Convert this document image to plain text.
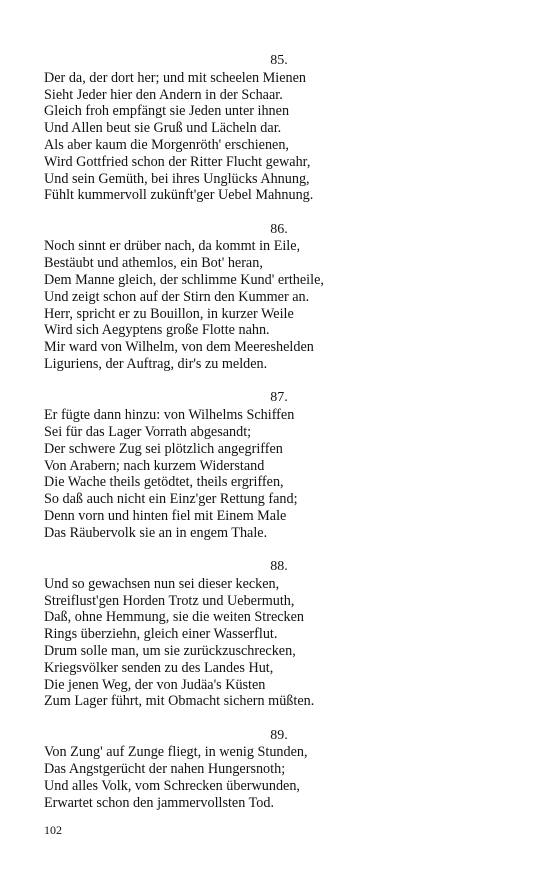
85.
Der da, der dort her; und mit scheelen Mienen
Sieht Jeder hier den Andern in der Schaar.
Gleich froh empfängt sie Jeden unter ihnen
Und Allen beut sie Gruß und Lächeln dar.
Als aber kaum die Morgenröth' erschienen,
Wird Gottfried schon der Ritter Flucht gewahr,
Und sein Gemüth, bei ihres Unglücks Ahnung,
Fühlt kummervoll zukünft'ger Uebel Mahnung.
86.
Noch sinnt er drüber nach, da kommt in Eile,
Bestäubt und athemlos, ein Bot' heran,
Dem Manne gleich, der schlimme Kund' ertheile,
Und zeigt schon auf der Stirn den Kummer an.
Herr, spricht er zu Bouillon, in kurzer Weile
Wird sich Aegyptens große Flotte nahn.
Mir ward von Wilhelm, von dem Meereshelden
Liguriens, der Auftrag, dir's zu melden.
87.
Er fügte dann hinzu: von Wilhelms Schiffen
Sei für das Lager Vorrath abgesandt;
Der schwere Zug sei plötzlich angegriffen
Von Arabern; nach kurzem Widerstand
Die Wache theils getödtet, theils ergriffen,
So daß auch nicht ein Einz'ger Rettung fand;
Denn vorn und hinten fiel mit Einem Male
Das Räubervolk sie an in engem Thale.
88.
Und so gewachsen nun sei dieser kecken,
Streiflust'gen Horden Trotz und Uebermuth,
Daß, ohne Hemmung, sie die weiten Strecken
Rings überziehn, gleich einer Wasserflut.
Drum solle man, um sie zurückzuschrecken,
Kriegsvölker senden zu des Landes Hut,
Die jenen Weg, der von Judäa's Küsten
Zum Lager führt, mit Obmacht sichern müßten.
89.
Von Zung' auf Zunge fliegt, in wenig Stunden,
Das Angstgerücht der nahen Hungersnoth;
Und alles Volk, vom Schrecken überwunden,
Erwartet schon den jammervollsten Tod.
102
